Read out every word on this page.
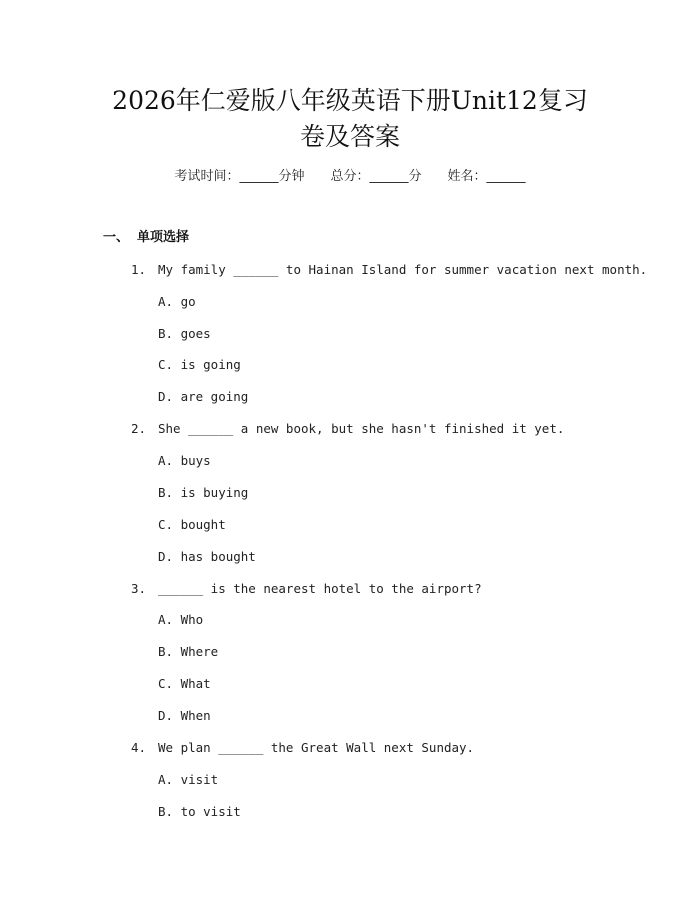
2026年仁爱版八年级英语下册Unit12复习
卷及答案
考试时间：______分钟 总分：______分 姓名：______
一、 单项选择
1. My family ______ to Hainan Island for summer vacation next month.
A. go
B. goes
C. is going
D. are going
2. She ______ a new book, but she hasn't finished it yet.
A. buys
B. is buying
C. bought
D. has bought
3. ______ is the nearest hotel to the airport?
A. Who
B. Where
C. What
D. When
4. We plan ______ the Great Wall next Sunday.
A. visit
B. to visit
